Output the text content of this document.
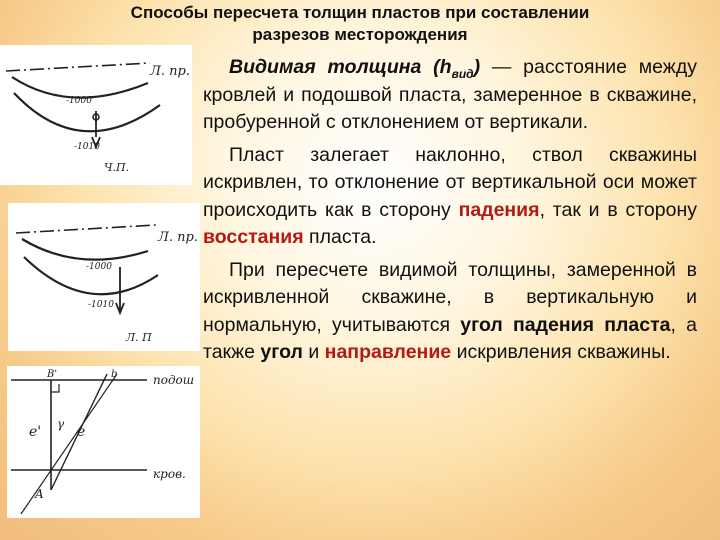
Способы пересчета толщин пластов при составлении
разрезов месторождения
Л. пр.
-1000
-1010
Ч.П.
Л. пр.
-1000
-1010
Л. П
B'	b	подош
кров.
e' γ e
A

Видимая толщина $(h_{вид})$ — расстояние между кровлей и подошвой пласта, замеренное в скважине, пробуренной с отклонением от вертикали.

Пласт залегает наклонно, ствол скважины искривлен, то отклонение от вертикальной оси может происходить как в сторону падения, так и в сторону восстания пласта.

При пересчете видимой толщины, замеренной в искривленной скважине, в вертикальную и нормальную, учитываются угол падения пласта, а также угол и направление искривления скважины.
